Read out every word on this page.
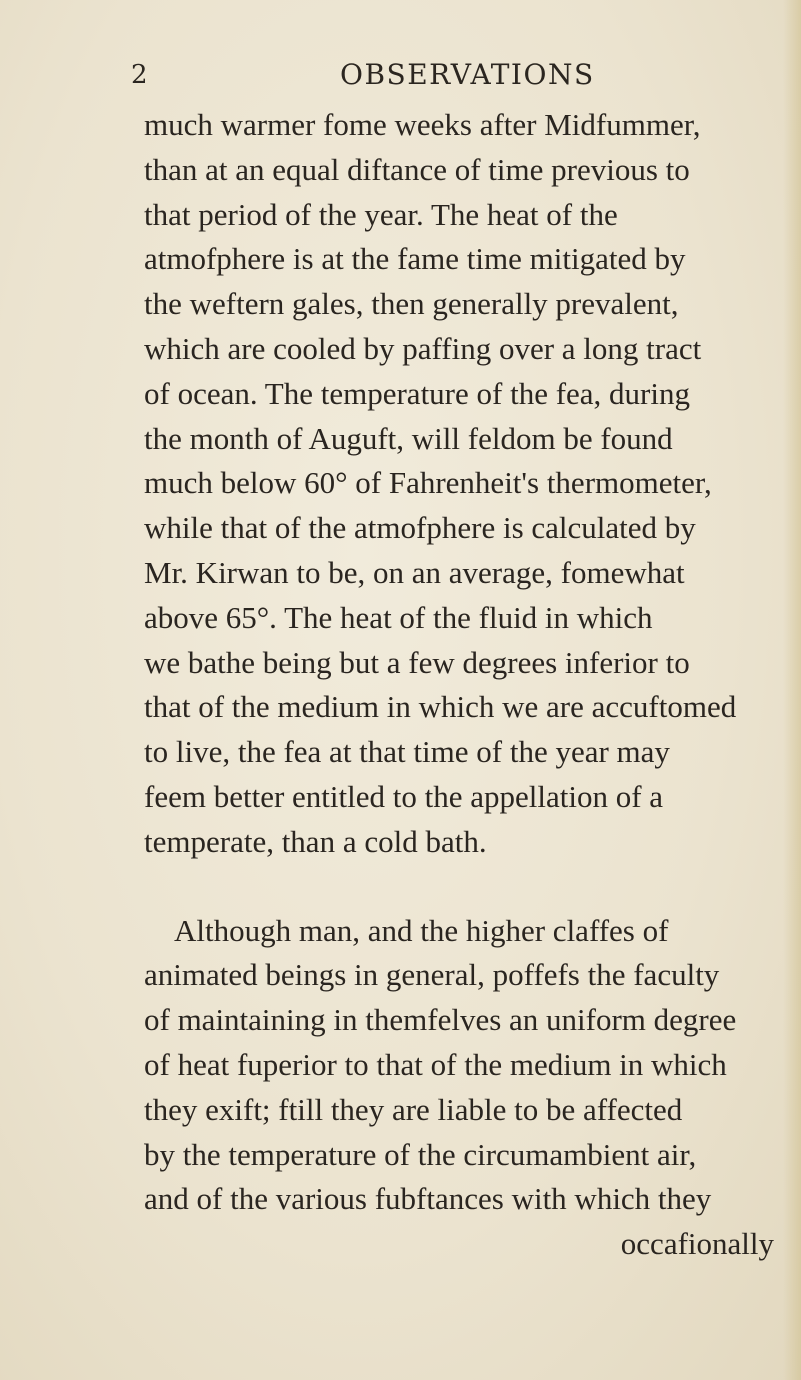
2	OBSERVATIONS
much warmer fome weeks after Midfummer,
than at an equal diftance of time previous to
that period of the year. The heat of the
atmofphere is at the fame time mitigated by
the weftern gales, then generally prevalent,
which are cooled by paffing over a long tract
of ocean. The temperature of the fea, during
the month of Auguft, will feldom be found
much below 60° of Fahrenheit's thermometer,
while that of the atmofphere is calculated by
Mr. Kirwan to be, on an average, fomewhat
above 65°. The heat of the fluid in which
we bathe being but a few degrees inferior to
that of the medium in which we are accuftomed
to live, the fea at that time of the year may
feem better entitled to the appellation of a
temperate, than a cold bath.
Although man, and the higher claffes of
animated beings in general, poffefs the faculty
of maintaining in themfelves an uniform degree
of heat fuperior to that of the medium in which
they exift; ftill they are liable to be affected
by the temperature of the circumambient air,
and of the various fubftances with which they
occafionally
